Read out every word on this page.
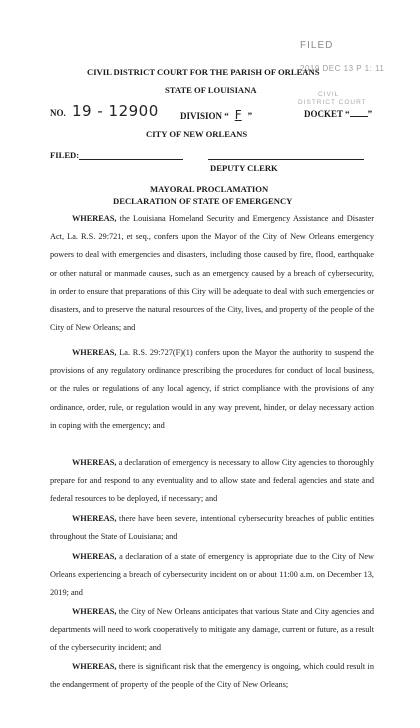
FILED
2019 DEC 13 P 1: 11
CIVIL
DISTRICT COURT
CIVIL DISTRICT COURT FOR THE PARISH OF ORLEANS
STATE OF LOUISIANA
NO. 19 - 12900 DIVISION “ F ”	DOCKET “ ”
CITY OF NEW ORLEANS
FILED:
DEPUTY CLERK
MAYORAL PROCLAMATION
DECLARATION OF STATE OF EMERGENCY
WHEREAS, the Louisiana Homeland Security and Emergency Assistance and Disaster Act, La. R.S. 29:721, et seq., confers upon the Mayor of the City of New Orleans emergency powers to deal with emergencies and disasters, including those caused by fire, flood, earthquake or other natural or manmade causes, such as an emergency caused by a breach of cybersecurity, in order to ensure that preparations of this City will be adequate to deal with such emergencies or disasters, and to preserve the natural resources of the City, lives, and property of the people of the City of New Orleans; and
WHEREAS, La. R.S. 29:727(F)(1) confers upon the Mayor the authority to suspend the provisions of any regulatory ordinance prescribing the procedures for conduct of local business, or the rules or regulations of any local agency, if strict compliance with the provisions of any ordinance, order, rule, or regulation would in any way prevent, hinder, or delay necessary action in coping with the emergency; and
WHEREAS, a declaration of emergency is necessary to allow City agencies to thoroughly prepare for and respond to any eventuality and to allow state and federal agencies and state and federal resources to be deployed, if necessary; and
WHEREAS, there have been severe, intentional cybersecurity breaches of public entities throughout the State of Louisiana; and
WHEREAS, a declaration of a state of emergency is appropriate due to the City of New Orleans experiencing a breach of cybersecurity incident on or about 11:00 a.m. on December 13, 2019; and
WHEREAS, the City of New Orleans anticipates that various State and City agencies and departments will need to work cooperatively to mitigate any damage, current or future, as a result of the cybersecurity incident; and
WHEREAS, there is significant risk that the emergency is ongoing, which could result in the endangerment of property of the people of the City of New Orleans;
